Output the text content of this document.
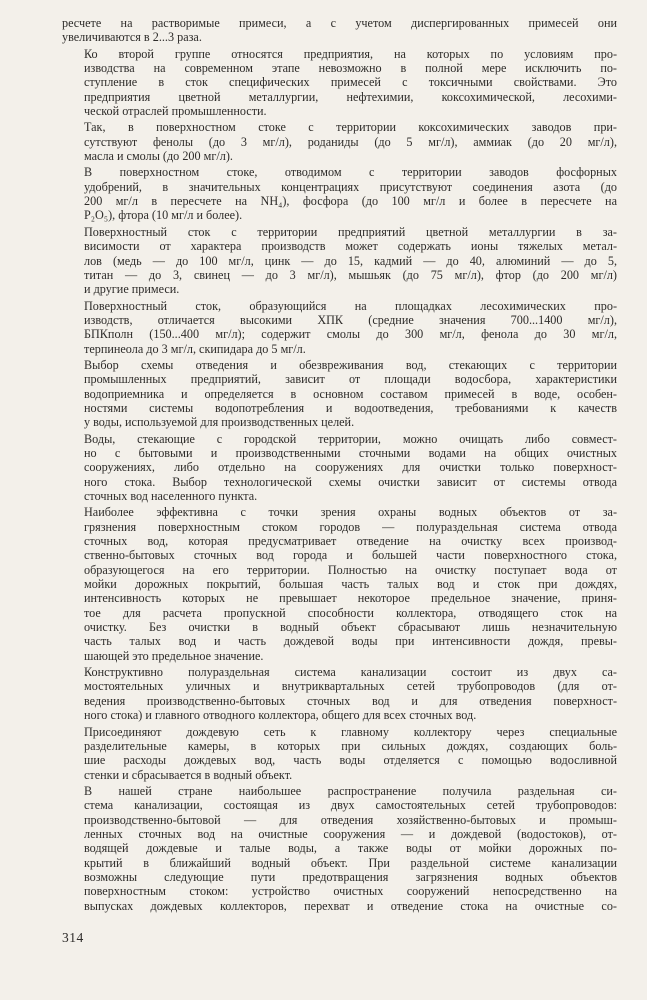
ресчете на растворимые примеси, а с учетом диспергированных примесей они
увеличиваются в 2...3 раза.

Ко второй группе относятся предприятия, на которых по условиям про-
изводства на современном этапе невозможно в полной мере исключить по-
ступление в сток специфических примесей с токсичными свойствами. Это
предприятия цветной металлургии, нефтехимии, коксохимической, лесохими-
ческой отраслей промышленности.

Так, в поверхностном стоке с территории коксохимических заводов при-
сутствуют фенолы (до 3 мг/л), роданиды (до 5 мг/л), аммиак (до 20 мг/л),
масла и смолы (до 200 мг/л).

В поверхностном стоке, отводимом с территории заводов фосфорных
удобрений, в значительных концентрациях присутствуют соединения азота (до
200 мг/л в пересчете на NH₄), фосфора (до 100 мг/л и более в пересчете на
P₂O₅), фтора (10 мг/л и более).

Поверхностный сток с территории предприятий цветной металлургии в за-
висимости от характера производств может содержать ионы тяжелых метал-
лов (медь — до 100 мг/л, цинк — до 15, кадмий — до 40, алюминий — до 5,
титан — до 3, свинец — до 3 мг/л), мышьяк (до 75 мг/л), фтор (до 200 мг/л)
и другие примеси.

Поверхностный сток, образующийся на площадках лесохимических про-
изводств, отличается высокими ХПК (средние значения 700...1400 мг/л),
БПКполн (150...400 мг/л); содержит смолы до 300 мг/л, фенола до 30 мг/л,
терпинеола до 3 мг/л, скипидара до 5 мг/л.

Выбор схемы отведения и обезвреживания вод, стекающих с территории
промышленных предприятий, зависит от площади водосбора, характеристики
водоприемника и определяется в основном составом примесей в воде, особен-
ностями системы водопотребления и водоотведения, требованиями к качеств
у воды, используемой для производственных целей.

Воды, стекающие с городской территории, можно очищать либо совмест-
но с бытовыми и производственными сточными водами на общих очистных
сооружениях, либо отдельно на сооружениях для очистки только поверхност-
ного стока. Выбор технологической схемы очистки зависит от системы отвода
сточных вод населенного пункта.

Наиболее эффективна с точки зрения охраны водных объектов от за-
грязнения поверхностным стоком городов — полураздельная система отвода
сточных вод, которая предусматривает отведение на очистку всех производ-
ственно-бытовых сточных вод города и большей части поверхностного стока,
образующегося на его территории. Полностью на очистку поступает вода от
мойки дорожных покрытий, большая часть талых вод и сток при дождях,
интенсивность которых не превышает некоторое предельное значение, приня-
тое для расчета пропускной способности коллектора, отводящего сток на
очистку. Без очистки в водный объект сбрасывают лишь незначительную
часть талых вод и часть дождевой воды при интенсивности дождя, превы-
шающей это предельное значение.

Конструктивно полураздельная система канализации состоит из двух са-
мостоятельных уличных и внутриквартальных сетей трубопроводов (для от-
ведения производственно-бытовых сточных вод и для отведения поверхност-
ного стока) и главного отводного коллектора, общего для всех сточных вод.

Присоединяют дождевую сеть к главному коллектору через специальные
разделительные камеры, в которых при сильных дождях, создающих боль-
шие расходы дождевых вод, часть воды отделяется с помощью водосливной
стенки и сбрасывается в водный объект.

В нашей стране наибольшее распространение получила раздельная си-
стема канализации, состоящая из двух самостоятельных сетей трубопроводов:
производственно-бытовой — для отведения хозяйственно-бытовых и промыш-
ленных сточных вод на очистные сооружения — и дождевой (водостоков), от-
водящей дождевые и талые воды, а также воды от мойки дорожных по-
крытий в ближайший водный объект. При раздельной системе канализации
возможны следующие пути предотвращения загрязнения водных объектов
поверхностным стоком: устройство очистных сооружений непосредственно на
выпусках дождевых коллекторов, перехват и отведение стока на очистные со-

314
